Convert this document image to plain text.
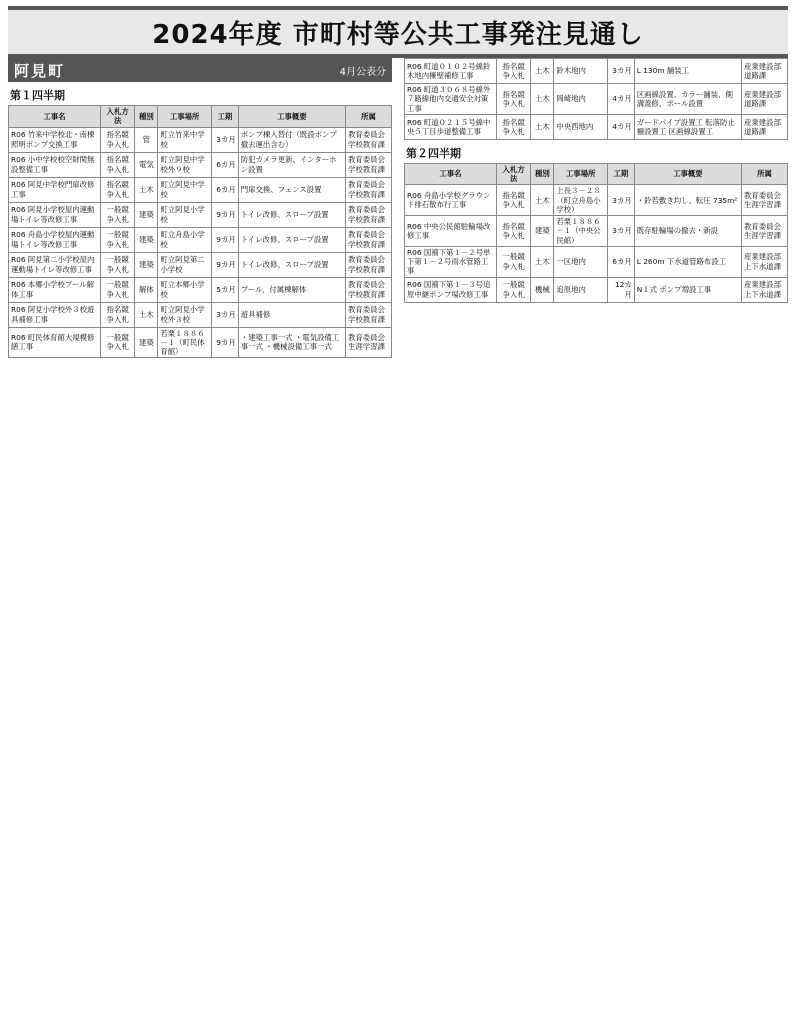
2024年度 市町村等公共工事発注見通し
阿見町	4月公表分
第１四半期
工事名	入札方法	種別	工事場所	工期	工事概要	所属
R06 竹来中学校北・南棟照明ポンプ交換工事	指名競争入札	管	町立竹来中学校	3カ月	ポンプ棟入替付（既設ポンプ撤去運出含む）	教育委員会学校教育課
R06 小中学校校空財関無設整備工事	指名競争入札	電気	町立阿見中学校外９校	6カ月	防犯カメラ更新、インターホン設置	教育委員会学校教育課
R06 阿見中学校門扉改修工事	指名競争入札	土木	町立阿見中学校	6カ月	門扉交換、フェンス設置	教育委員会学校教育課
R06 阿見小学校屋内運動場トイレ等改修工事	一般競争入札	建築	町立阿見小学校	9カ月	トイレ改修、スロープ設置	教育委員会学校教育課
R06 舟島小学校屋内運動場トイレ等改修工事	一般競争入札	建築	町立舟島小学校	9カ月	トイレ改修、スロープ設置	教育委員会学校教育課
R06 阿見第二小学校屋内運動場トイレ等改修工事	一般競争入札	建築	町立阿見第二小学校	9カ月	トイレ改修、スロープ設置	教育委員会学校教育課
R06 本郷小学校プール解体工事	一般競争入札	解体	町立本郷小学校	5カ月	プール、付属棟解体	教育委員会学校教育課
R06 阿見小学校外３校遊具補修工事	指名競争入札	土木	町立阿見小学校外３校	3カ月	遊具補修	教育委員会学校教育課
R06 町民体育館大規模修繕工事	一般競争入札	建築	若栗１８８６－１（町民体育館）	9カ月	・建築工事一式 ・電気設備工事一式 ・機械設備工事一式	教育委員会生涯学習課
R06 町道０１０２号線鈴木地内擁壁補修工事	指名競争入札	土木	鈴木地内	3カ月	L 130m 舗装工	産業建設部道路課
R06 町道３０６８号線外７路線他内交通安全対策工事	指名競争入札	土木	岡崎地内	4カ月	区画線設置、カラー舗装、側溝蓋修、ポール設置	産業建設部道路課
R06 町道０２１５号線中央５丁目歩道整備工事	指名競争入札	土木	中央西地内	4カ月	ガードパイプ設置工 転落防止柵設置工 区画線設置工	産業建設部道路課
第２四半期
工事名	入札方法	種別	工事場所	工期	工事概要	所属
R06 舟島小学校グラウンド排石散布行工事	指名競争入札	土木	上長３－２８（町立舟島小学校）	3カ月	・鈴若敷き均し、転圧 735m²	教育委員会生涯学習課
R06 中央公民館駐輪場改修工事	指名競争入札	建築	若栗１８８６－１（中央公民館）	3カ月	既存駐輪場の撤去・新設	教育委員会生涯学習課
R06 国補下第１－２号単下第１－２号雨水管路工事	一般競争入札	土木	一区地内	6カ月	L 260m 下水道管路布設工	産業建設部上下水道課
R06 国補下第１－３号追原中継ポンプ場改修工事	一般競争入札	機械	追原地内	12カ月	N１式 ポンプ増設工事	産業建設部上下水道課
